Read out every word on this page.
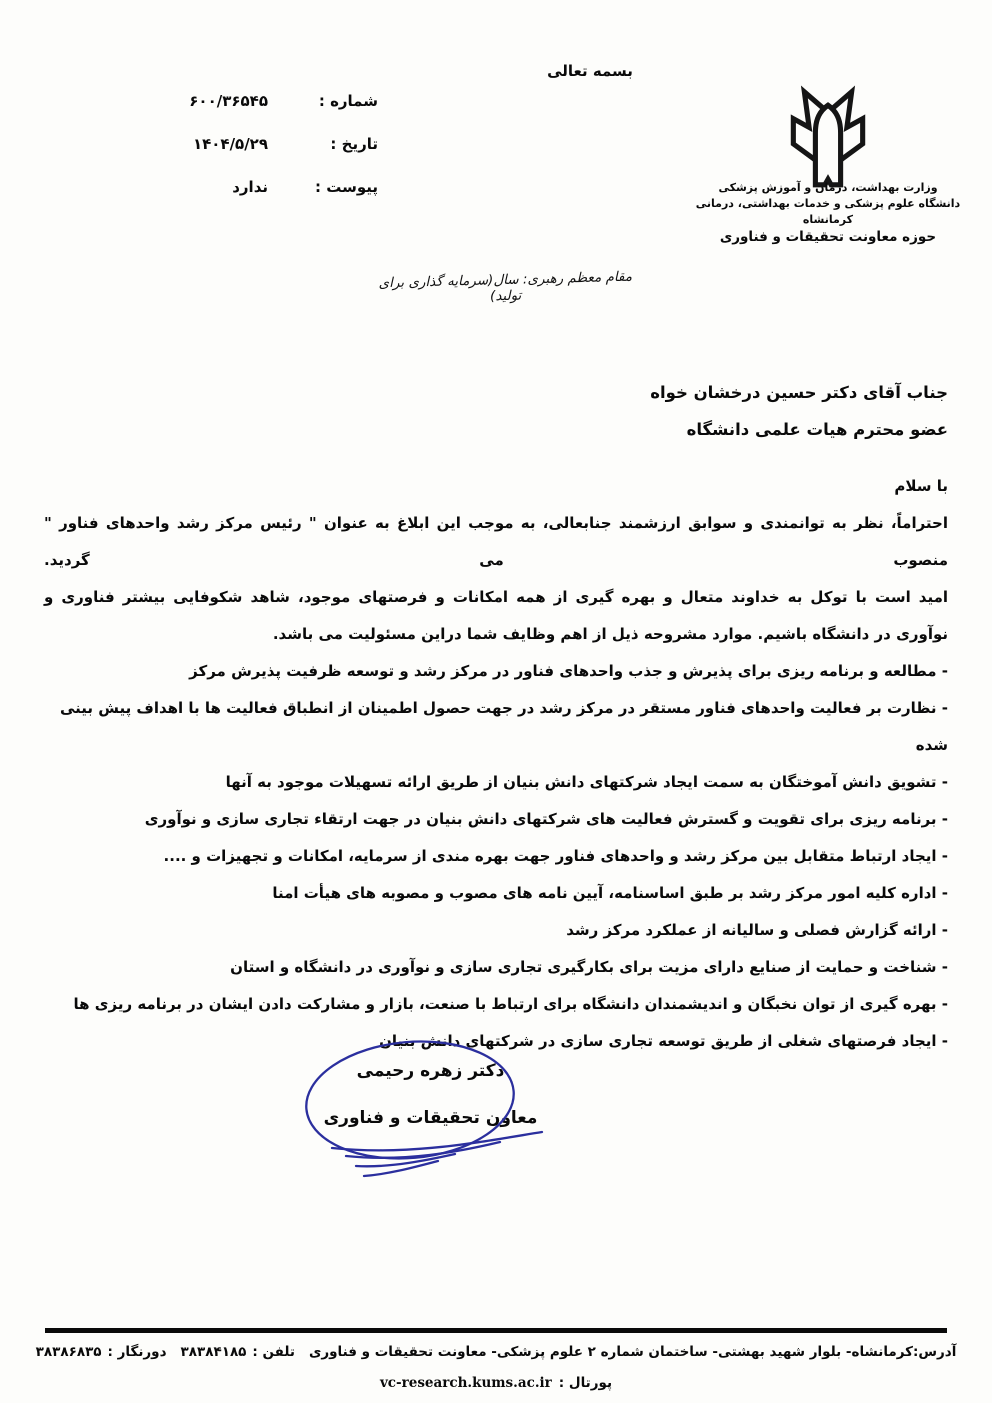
بسمه تعالی
شماره :
۶۰۰/۳۶۵۴۵
تاریخ :
۱۴۰۴/۵/۲۹
پیوست :
ندارد	وزارت بهداشت، درمان و آموزش پزشکی
دانشگاه علوم پزشکی و خدمات بهداشتی، درمانی کرمانشاه
حوزه معاونت تحقیقات و فناوری
مقام معظم رهبری: سال(سرمایه گذاری برای تولید)
جناب آقای دکتر حسین درخشان خواه
عضو محترم هیات علمی دانشگاه
با سلام
احتراماً، نظر به توانمندی و سوابق ارزشمند جنابعالی، به موجب این ابلاغ به عنوان " رئیس مرکز رشد واحدهای فناور " منصوب می گردید.
امید است با توکل به خداوند متعال و بهره گیری از همه امکانات و فرصتهای موجود، شاهد شکوفایی بیشتر فناوری و نوآوری در دانشگاه باشیم. موارد مشروحه ذیل از اهم وظایف شما دراین مسئولیت می باشد.
- مطالعه و برنامه ریزی برای پذیرش و جذب واحدهای فناور در مرکز رشد و توسعه ظرفیت پذیرش مرکز
- نظارت بر فعالیت واحدهای فناور مستقر در مرکز رشد در جهت حصول اطمینان از انطباق فعالیت ها با اهداف پیش بینی شده
- تشویق دانش آموختگان به سمت ایجاد شرکتهای دانش بنیان از طریق ارائه تسهیلات موجود به آنها
- برنامه ریزی برای تقویت و گسترش فعالیت های شرکتهای دانش بنیان در جهت ارتقاء تجاری سازی و نوآوری
- ایجاد ارتباط متقابل بین مرکز رشد و واحدهای فناور جهت بهره مندی از سرمایه، امکانات و تجهیزات و ....
- اداره کلیه امور مرکز رشد بر طبق اساسنامه، آیین نامه های مصوب و مصوبه های هیأت امنا
- ارائه گزارش فصلی و سالیانه از عملکرد مرکز رشد
- شناخت و حمایت از صنایع دارای مزیت برای بکارگیری تجاری سازی و نوآوری در دانشگاه و استان
- بهره گیری از توان نخبگان و اندیشمندان دانشگاه برای ارتباط با صنعت، بازار و مشارکت دادن ایشان در برنامه ریزی ها
- ایجاد فرصتهای شغلی از طریق توسعه تجاری سازی در شرکتهای دانش بنیان
دکتر زهره رحیمی
معاون تحقیقات و فناوری
آدرس:کرمانشاه- بلوار شهید بهشتی- ساختمان شماره ۲ علوم پزشکی- معاونت تحقیقات و فناوری
تلفن :
۳۸۳۸۴۱۸۵
دورنگار :
۳۸۳۸۶۸۳۵
پورتال :
vc-research.kums.ac.ir
